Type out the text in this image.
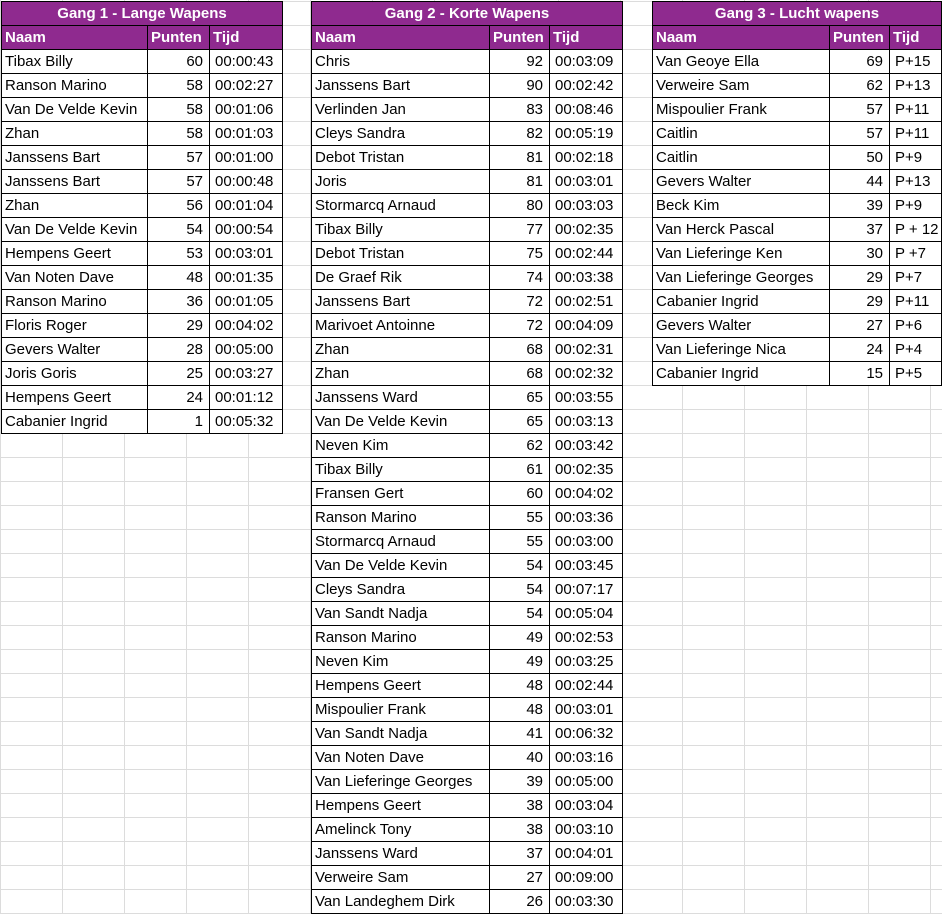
Gang 1 - Lange Wapens		
Naam	Punten	Tijd
Tibax Billy	60	00:00:43
Ranson Marino	58	00:02:27
Van De Velde Kevin	58	00:01:06
Zhan	58	00:01:03
Janssens Bart	57	00:01:00
Janssens Bart	57	00:00:48
Zhan	56	00:01:04
Van De Velde Kevin	54	00:00:54
Hempens Geert	53	00:03:01
Van Noten Dave	48	00:01:35
Ranson Marino	36	00:01:05
Floris Roger	29	00:04:02
Gevers Walter	28	00:05:00
Joris Goris	25	00:03:27
Hempens Geert	24	00:01:12
Cabanier Ingrid	1	00:05:32
Gang 2 - Korte Wapens		
Naam	Punten	Tijd
Chris	92	00:03:09
Janssens Bart	90	00:02:42
Verlinden Jan	83	00:08:46
Cleys Sandra	82	00:05:19
Debot Tristan	81	00:02:18
Joris	81	00:03:01
Stormarcq Arnaud	80	00:03:03
Tibax Billy	77	00:02:35
Debot Tristan	75	00:02:44
De Graef Rik	74	00:03:38
Janssens Bart	72	00:02:51
Marivoet Antoinne	72	00:04:09
Zhan	68	00:02:31
Zhan	68	00:02:32
Janssens Ward	65	00:03:55
Van De Velde Kevin	65	00:03:13
Neven Kim	62	00:03:42
Tibax Billy	61	00:02:35
Fransen Gert	60	00:04:02
Ranson Marino	55	00:03:36
Stormarcq Arnaud	55	00:03:00
Van De Velde Kevin	54	00:03:45
Cleys Sandra	54	00:07:17
Van Sandt Nadja	54	00:05:04
Ranson Marino	49	00:02:53
Neven Kim	49	00:03:25
Hempens Geert	48	00:02:44
Mispoulier Frank	48	00:03:01
Van Sandt Nadja	41	00:06:32
Van Noten Dave	40	00:03:16
Van Lieferinge Georges	39	00:05:00
Hempens Geert	38	00:03:04
Amelinck Tony	38	00:03:10
Janssens Ward	37	00:04:01
Verweire Sam	27	00:09:00
Van Landeghem Dirk	26	00:03:30
Gang 3 - Lucht wapens		
Naam	Punten	Tijd
Van Geoye Ella	69	P+15
Verweire Sam	62	P+13
Mispoulier Frank	57	P+11
Caitlin	57	P+11
Caitlin	50	P+9
Gevers Walter	44	P+13
Beck Kim	39	P+9
Van Herck Pascal	37	P + 12
Van Lieferinge Ken	30	P +7
Van Lieferinge Georges	29	P+7
Cabanier Ingrid	29	P+11
Gevers Walter	27	P+6
Van Lieferinge Nica	24	P+4
Cabanier Ingrid	15	P+5
